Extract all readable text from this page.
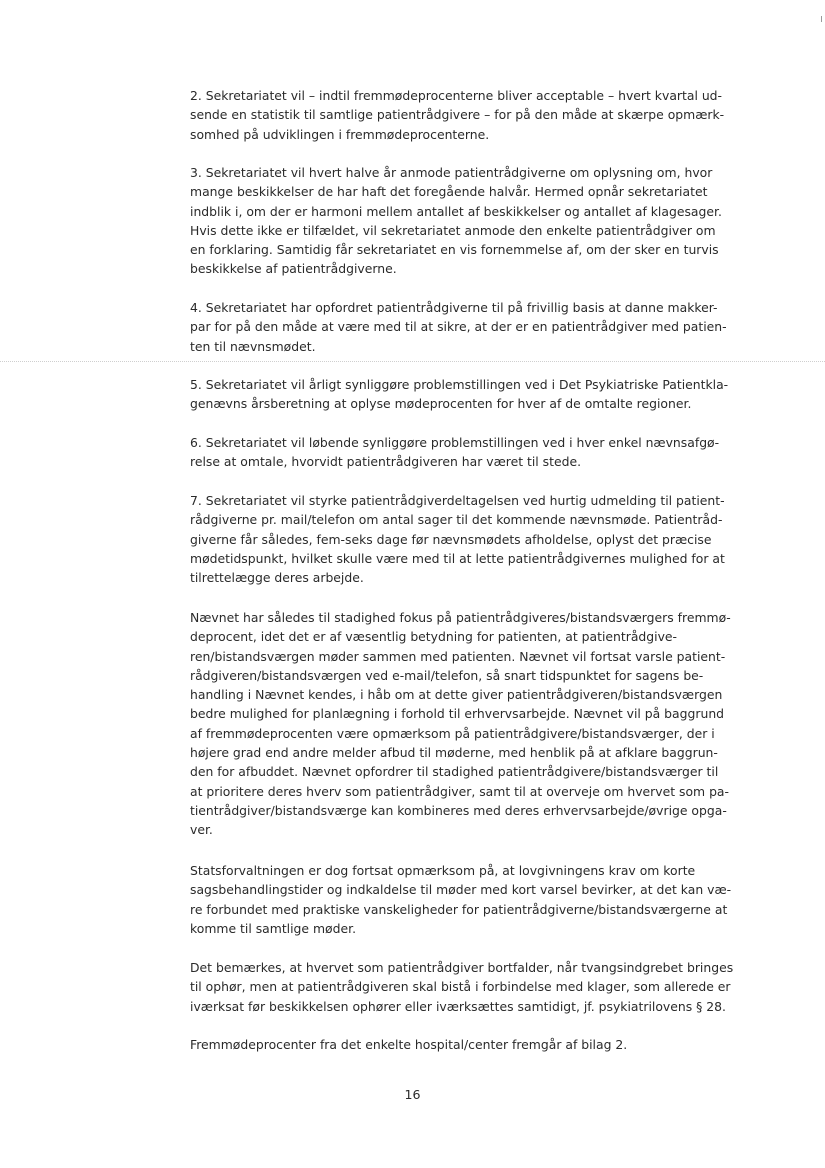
2. Sekretariatet vil – indtil fremmødeprocenterne bliver acceptable – hvert kvartal ud-
sende en statistik til samtlige patientrådgivere – for på den måde at skærpe opmærk-
somhed på udviklingen i fremmødeprocenterne.
3. Sekretariatet vil hvert halve år anmode patientrådgiverne om oplysning om, hvor
mange beskikkelser de har haft det foregående halvår. Hermed opnår sekretariatet
indblik i, om der er harmoni mellem antallet af beskikkelser og antallet af klagesager.
Hvis dette ikke er tilfældet, vil sekretariatet anmode den enkelte patientrådgiver om
en forklaring. Samtidig får sekretariatet en vis fornemmelse af, om der sker en turvis
beskikkelse af patientrådgiverne.
4. Sekretariatet har opfordret patientrådgiverne til på frivillig basis at danne makker-
par for på den måde at være med til at sikre, at der er en patientrådgiver med patien-
ten til nævnsmødet.
5. Sekretariatet vil årligt synliggøre problemstillingen ved i Det Psykiatriske Patientkla-
genævns årsberetning at oplyse mødeprocenten for hver af de omtalte regioner.
6. Sekretariatet vil løbende synliggøre problemstillingen ved i hver enkel nævnsafgø-
relse at omtale, hvorvidt patientrådgiveren har været til stede.
7. Sekretariatet vil styrke patientrådgiverdeltagelsen ved hurtig udmelding til patient-
rådgiverne pr. mail/telefon om antal sager til det kommende nævnsmøde. Patientråd-
giverne får således, fem-seks dage før nævnsmødets afholdelse, oplyst det præcise
mødetidspunkt, hvilket skulle være med til at lette patientrådgivernes mulighed for at
tilrettelægge deres arbejde.
Nævnet har således til stadighed fokus på patientrådgiveres/bistandsværgers fremmø-
deprocent, idet det er af væsentlig betydning for patienten, at patientrådgive-
ren/bistandsværgen møder sammen med patienten. Nævnet vil fortsat varsle patient-
rådgiveren/bistandsværgen ved e-mail/telefon, så snart tidspunktet for sagens be-
handling i Nævnet kendes, i håb om at dette giver patientrådgiveren/bistandsværgen
bedre mulighed for planlægning i forhold til erhvervsarbejde. Nævnet vil på baggrund
af fremmødeprocenten være opmærksom på patientrådgivere/bistandsværger, der i
højere grad end andre melder afbud til møderne, med henblik på at afklare baggrun-
den for afbuddet. Nævnet opfordrer til stadighed patientrådgivere/bistandsværger til
at prioritere deres hverv som patientrådgiver, samt til at overveje om hvervet som pa-
tientrådgiver/bistandsværge kan kombineres med deres erhvervsarbejde/øvrige opga-
ver.
Statsforvaltningen er dog fortsat opmærksom på, at lovgivningens krav om korte
sagsbehandlingstider og indkaldelse til møder med kort varsel bevirker, at det kan væ-
re forbundet med praktiske vanskeligheder for patientrådgiverne/bistandsværgerne at
komme til samtlige møder.
Det bemærkes, at hvervet som patientrådgiver bortfalder, når tvangsindgrebet bringes
til ophør, men at patientrådgiveren skal bistå i forbindelse med klager, som allerede er
iværksat før beskikkelsen ophører eller iværksættes samtidigt, jf. psykiatrilovens § 28.
Fremmødeprocenter fra det enkelte hospital/center fremgår af bilag 2.
16
